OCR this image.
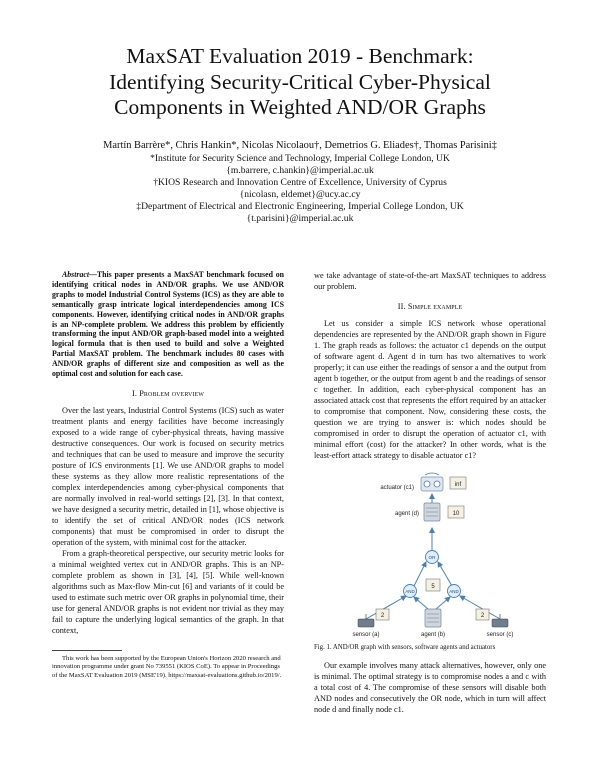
MaxSAT Evaluation 2019 - Benchmark:
Identifying Security-Critical Cyber-Physical
Components in Weighted AND/OR Graphs
Martín Barrère*, Chris Hankin*, Nicolas Nicolaou†, Demetrios G. Eliades†, Thomas Parisini‡
*Institute for Security Science and Technology, Imperial College London, UK
{m.barrere, c.hankin}@imperial.ac.uk
†KIOS Research and Innovation Centre of Excellence, University of Cyprus
{nicolasn, eldemet}@ucy.ac.cy
‡Department of Electrical and Electronic Engineering, Imperial College London, UK
{t.parisini}@imperial.ac.uk

Abstract—This paper presents a MaxSAT benchmark focused on identifying critical nodes in AND/OR graphs. We use AND/OR graphs to model Industrial Control Systems (ICS) as they are able to semantically grasp intricate logical interdependencies among ICS components. However, identifying critical nodes in AND/OR graphs is an NP-complete problem. We address this problem by efficiently transforming the input AND/OR graph-based model into a weighted logical formula that is then used to build and solve a Weighted Partial MaxSAT problem. The benchmark includes 80 cases with AND/OR graphs of different size and composition as well as the optimal cost and solution for each case.

I. Problem overview

Over the last years, Industrial Control Systems (ICS) such as water treatment plants and energy facilities have become increasingly exposed to a wide range of cyber-physical threats, having massive destructive consequences. Our work is focused on security metrics and techniques that can be used to measure and improve the security posture of ICS environments [1]. We use AND/OR graphs to model these systems as they allow more realistic representations of the complex interdependencies among cyber-physical components that are normally involved in real-world settings [2], [3]. In that context, we have designed a security metric, detailed in [1], whose objective is to identify the set of critical AND/OR nodes (ICS network components) that must be compromised in order to disrupt the operation of the system, with minimal cost for the attacker.

From a graph-theoretical perspective, our security metric looks for a minimal weighted vertex cut in AND/OR graphs. This is an NP-complete problem as shown in [3], [4], [5]. While well-known algorithms such as Max-flow Min-cut [6] and variants of it could be used to estimate such metric over OR graphs in polynomial time, their use for general AND/OR graphs is not evident nor trivial as they may fail to capture the underlying logical semantics of the graph. In that context,

This work has been supported by the European Union's Horizon 2020 research and innovation programme under grant No 739551 (KIOS CoE). To appear in Proceedings of the MaxSAT Evaluation 2019 (MSE'19). https://maxsat-evaluations.github.io/2019/.

we take advantage of state-of-the-art MaxSAT techniques to address our problem.

II. Simple example

Let us consider a simple ICS network whose operational dependencies are represented by the AND/OR graph shown in Figure 1. The graph reads as follows: the actuator c1 depends on the output of software agent d. Agent d in turn has two alternatives to work properly; it can use either the readings of sensor a and the output from agent b together, or the output from agent b and the readings of sensor c together. In addition, each cyber-physical component has an associated attack cost that represents the effort required by an attacker to compromise that component. Now, considering these costs, the question we are trying to answer is: which nodes should be compromised in order to disrupt the operation of actuator c1, with minimal effort (cost) for the attacker? In other words, what is the least-effort attack strategy to disable actuator c1?

actuator (c1)	inf
agent (d)	10
OR
AND	AND
5
agent (b)
2
sensor (a)
2
sensor (c)

Fig. 1. AND/OR graph with sensors, software agents and actuators

Our example involves many attack alternatives, however, only one is minimal. The optimal strategy is to compromise nodes a and c with a total cost of 4. The compromise of these sensors will disable both AND nodes and consecutively the OR node, which in turn will affect node d and finally node c1.
